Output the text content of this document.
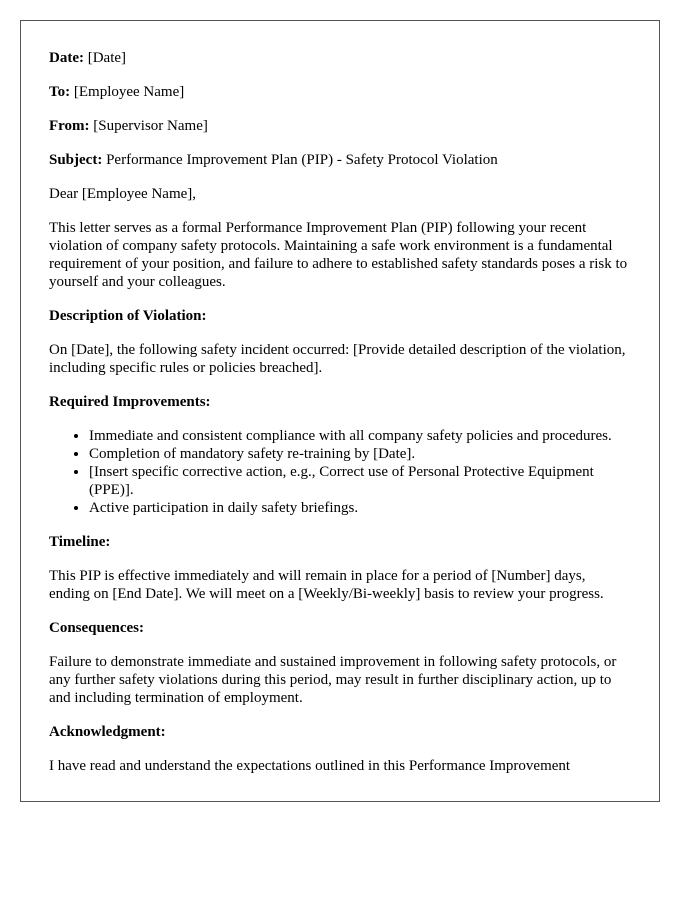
Date: [Date]
To: [Employee Name]
From: [Supervisor Name]
Subject: Performance Improvement Plan (PIP) - Safety Protocol Violation

Dear [Employee Name],

This letter serves as a formal Performance Improvement Plan (PIP) following your recent violation of company safety protocols. Maintaining a safe work environment is a fundamental requirement of your position, and failure to adhere to established safety standards poses a risk to yourself and your colleagues.

Description of Violation:

On [Date], the following safety incident occurred: [Provide detailed description of the violation, including specific rules or policies breached].

Required Improvements:
• Immediate and consistent compliance with all company safety policies and procedures.
• Completion of mandatory safety re-training by [Date].
• [Insert specific corrective action, e.g., Correct use of Personal Protective Equipment (PPE)].
• Active participation in daily safety briefings.
Timeline:

This PIP is effective immediately and will remain in place for a period of [Number] days, ending on [End Date]. We will meet on a [Weekly/Bi-weekly] basis to review your progress.

Consequences:

Failure to demonstrate immediate and sustained improvement in following safety protocols, or any further safety violations during this period, may result in further disciplinary action, up to and including termination of employment.

Acknowledgment:

I have read and understand the expectations outlined in this Performance Improvement
